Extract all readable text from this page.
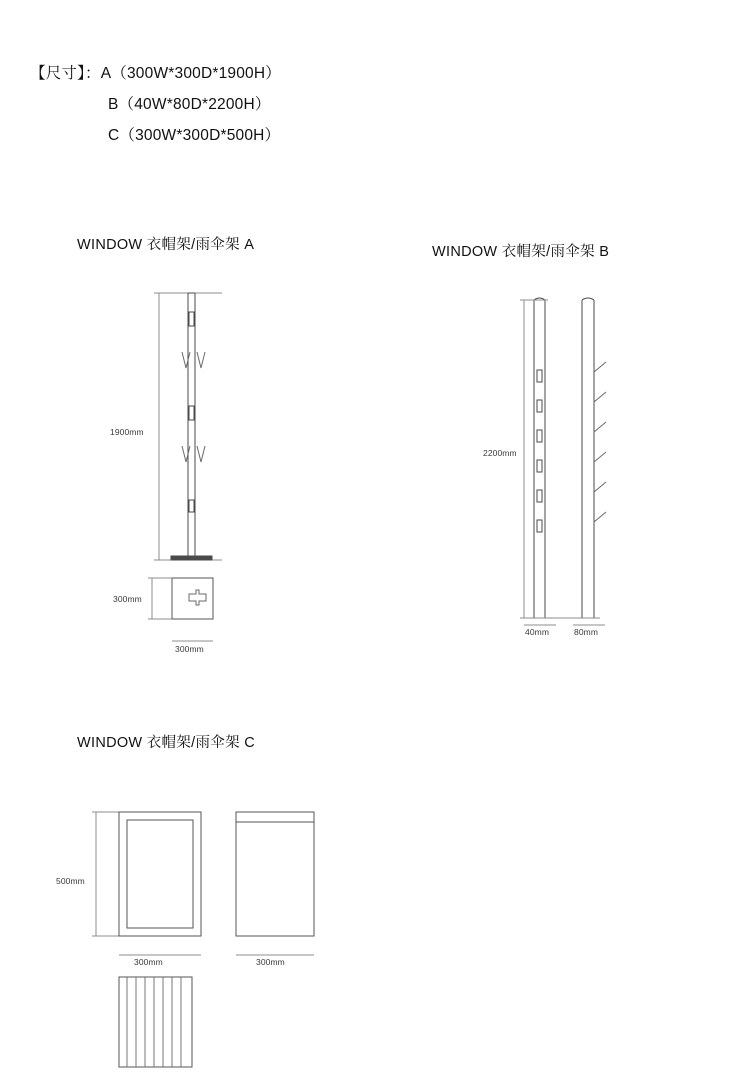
【尺寸】：A（300W*300D*1900H）
B（40W*80D*2200H）
C（300W*300D*500H）
WINDOW 衣帽架/雨伞架 A	WINDOW 衣帽架/雨伞架 B
WINDOW 衣帽架/雨伞架 C
1900mm
300mm
300mm
2200mm
40mm	80mm
500mm
300mm	300mm
